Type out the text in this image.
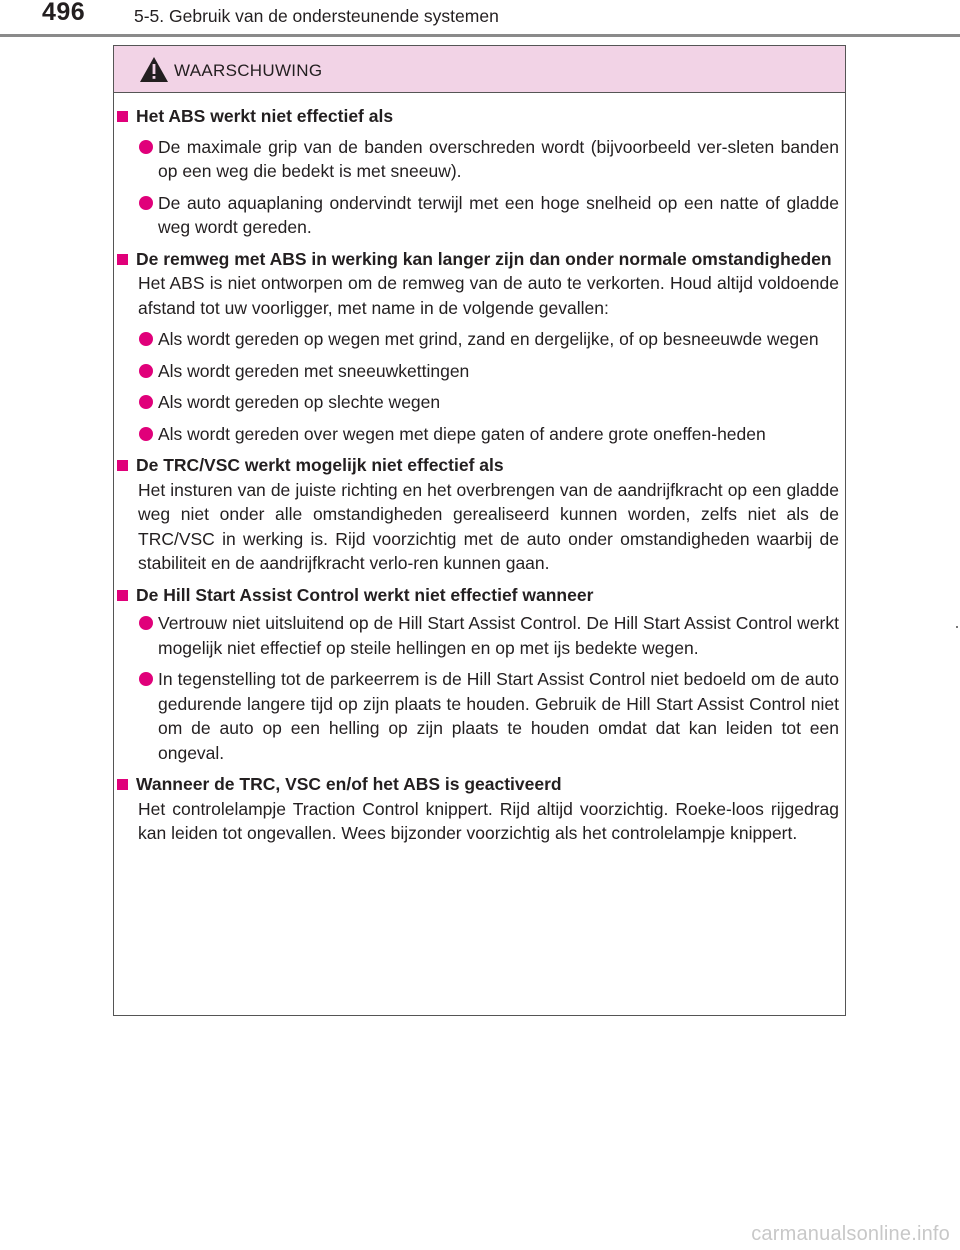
496	5-5. Gebruik van de ondersteunende systemen
WAARSCHUWING
Het ABS werkt niet effectief als
De maximale grip van de banden overschreden wordt (bijvoorbeeld ver-sleten banden op een weg die bedekt is met sneeuw).
De auto aquaplaning ondervindt terwijl met een hoge snelheid op een natte of gladde weg wordt gereden.
De remweg met ABS in werking kan langer zijn dan onder normale omstandigheden
Het ABS is niet ontworpen om de remweg van de auto te verkorten. Houd altijd voldoende afstand tot uw voorligger, met name in de volgende gevallen:
Als wordt gereden op wegen met grind, zand en dergelijke, of op besneeuwde wegen
Als wordt gereden met sneeuwkettingen
Als wordt gereden op slechte wegen
Als wordt gereden over wegen met diepe gaten of andere grote oneffen-heden
De TRC/VSC werkt mogelijk niet effectief als
Het insturen van de juiste richting en het overbrengen van de aandrijfkracht op een gladde weg niet onder alle omstandigheden gerealiseerd kunnen worden, zelfs niet als de TRC/VSC in werking is. Rijd voorzichtig met de auto onder omstandigheden waarbij de stabiliteit en de aandrijfkracht verlo-ren kunnen gaan.
De Hill Start Assist Control werkt niet effectief wanneer
Vertrouw niet uitsluitend op de Hill Start Assist Control. De Hill Start Assist Control werkt mogelijk niet effectief op steile hellingen en op met ijs bedekte wegen.
In tegenstelling tot de parkeerrem is de Hill Start Assist Control niet bedoeld om de auto gedurende langere tijd op zijn plaats te houden. Gebruik de Hill Start Assist Control niet om de auto op een helling op zijn plaats te houden omdat dat kan leiden tot een ongeval.
Wanneer de TRC, VSC en/of het ABS is geactiveerd
Het controlelampje Traction Control knippert. Rijd altijd voorzichtig. Roeke-loos rijgedrag kan leiden tot ongevallen. Wees bijzonder voorzichtig als het controlelampje knippert.
carmanualsonline.info
